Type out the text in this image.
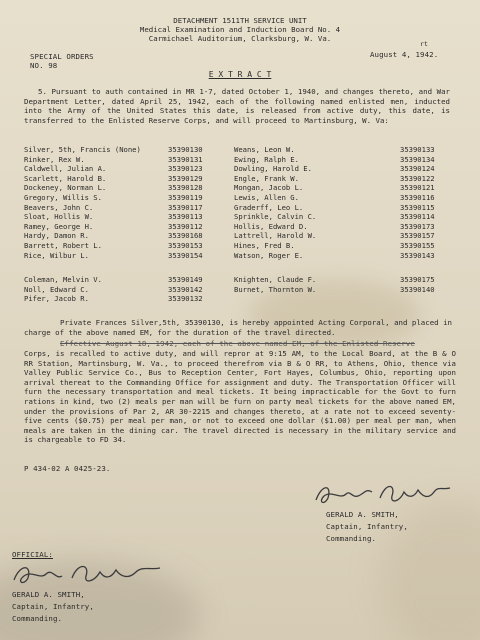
DETACHMENT 1511TH SERVICE UNIT
Medical Examination and Induction Board No. 4
Carmichael Auditorium, Clarksburg, W. Va.
SPECIAL ORDERS
NO. 98
rt
August 4, 1942.
E X T R A C T
5. Pursuant to auth contained in MR 1-7, dated October 1, 1940, and changes thereto, and War Department Letter, dated April 25, 1942, each of the following named enlisted men, inducted into the Army of the United States this date, is released from active duty, this date, is transferred to the Enlisted Reserve Corps, and will proceed to Martinsburg, W. Va:
Silver, 5th, Francis (None)	35390130	Weans, Leon W.	35390133
Rinker, Rex W.	35390131	Ewing, Ralph E.	35390134
Caldwell, Julian A.	35390123	Dowling, Harold E.	35390124
Scarlett, Harold B.	35390129	Engle, Frank W.	35390122
Dockeney, Norman L.	35390128	Mongan, Jacob L.	35390121
Gregory, Willis S.	35390119	Lewis, Allen G.	35390116
Beavers, John C.	35390117	Graderff, Leo L.	35390115
Sloat, Hollis W.	35390113	Sprinkle, Calvin C.	35390114
Ramey, George H.	35390112	Hollis, Edward D.	35390173
Hardy, Damon R.	35390168	Lattrell, Harold W.	35390157
Barrett, Robert L.	35390153	Hines, Fred B.	35390155
Rice, Wilbur L.	35390154	Watson, Roger E.	35390143
Coleman, Melvin V.	35390149	Knighten, Claude F.	35390175
Noll, Edward C.	35390142	Burnet, Thornton W.	35390140
Pifer, Jacob R.	35390132
Private Frances Silver,5th, 35390130, is hereby appointed Acting Corporal, and placed in charge of the above named EM, for the duration of the travel directed.
Effective August 18, 1942, each of the above named EM, of the Enlisted Reserve
Corps, is recalled to active duty, and will repror at 9:15 AM, to the Local Board, at the B & O RR Station, Martinsburg, W. Va., to proceed therefrom via B & O RR, to Athens, Ohio, thence via Valley Public Service Co., Bus to Reception Center, Fort Hayes, Columbus, Ohio, reporting upon arrival thereat to the Commanding Office for assignment and duty. The Transportation Officer will furn the necessary transportation and meal tickets. It being impracticable for the Govt to furn rations in kind, two (2) meals per man will be furn on party meal tickets for the above named EM, under the provisions of Par 2, AR 30-2215 and changes thereto, at a rate not to exceed seventy-five cents ($0.75) per meal per man, or not to exceed one dollar ($1.00) per meal per man, when meals are taken in the dining car. The travel directed is necessary in the military service and is chargeable to FD 34.
P 434-02 A 0425-23.
GERALD A. SMITH,
Captain, Infantry,
Commanding.
OFFICIAL:
GERALD A. SMITH,
Captain, Infantry,
Commanding.
